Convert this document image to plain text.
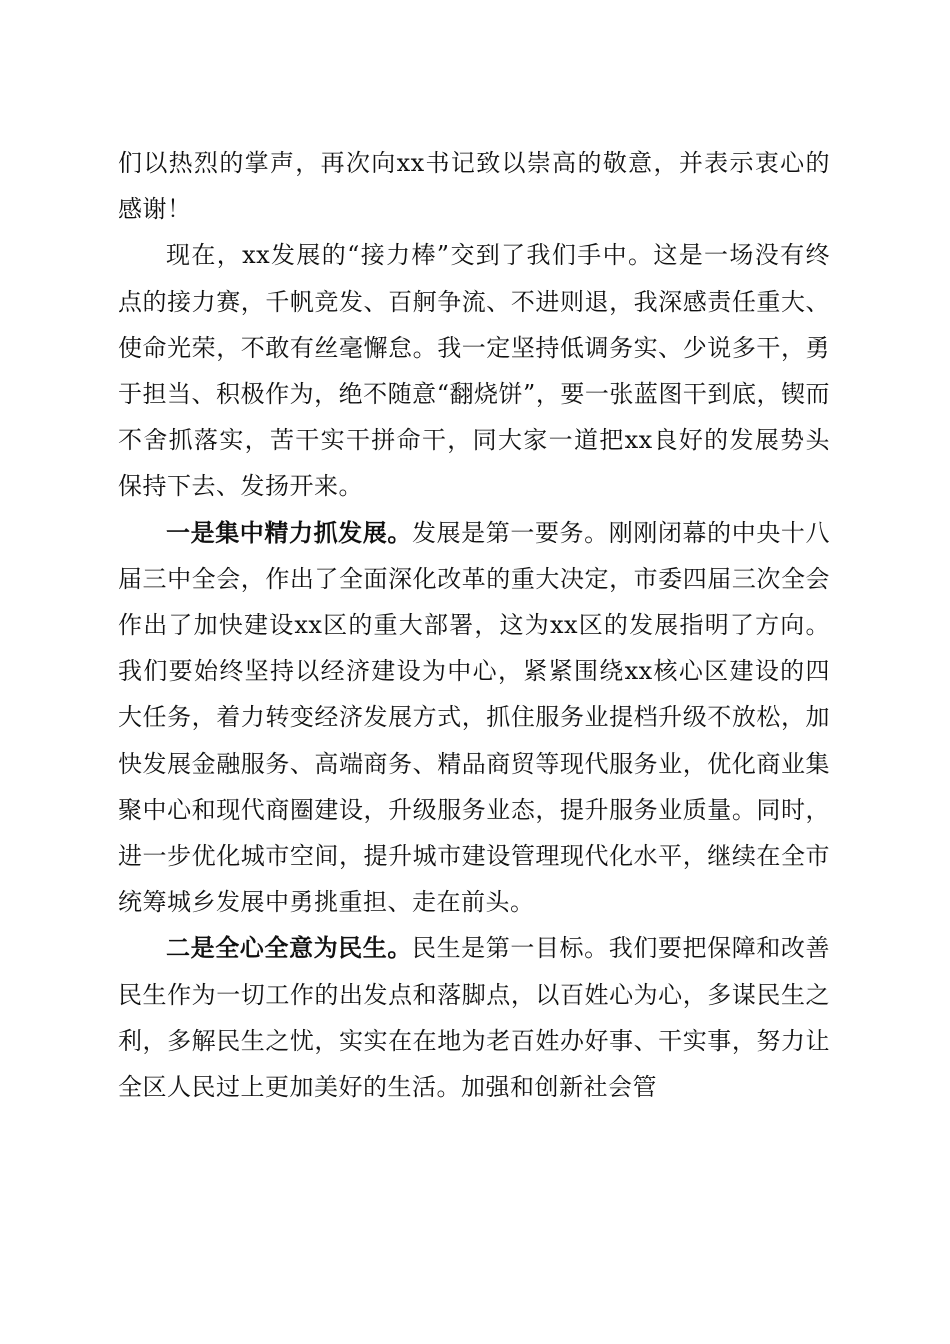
们以热烈的掌声，再次向xx书记致以崇高的敬意，并表示衷心的感谢！

现在，xx发展的“接力棒”交到了我们手中。这是一场没有终点的接力赛，千帆竞发、百舸争流、不进则退，我深感责任重大、使命光荣，不敢有丝毫懈怠。我一定坚持低调务实、少说多干，勇于担当、积极作为，绝不随意“翻烧饼”，要一张蓝图干到底，锲而不舍抓落实，苦干实干拼命干，同大家一道把xx良好的发展势头保持下去、发扬开来。

一是集中精力抓发展。发展是第一要务。刚刚闭幕的中央十八届三中全会，作出了全面深化改革的重大决定，市委四届三次全会作出了加快建设xx区的重大部署，这为xx区的发展指明了方向。我们要始终坚持以经济建设为中心，紧紧围绕xx核心区建设的四大任务，着力转变经济发展方式，抓住服务业提档升级不放松，加快发展金融服务、高端商务、精品商贸等现代服务业，优化商业集聚中心和现代商圈建设，升级服务业态，提升服务业质量。同时，进一步优化城市空间，提升城市建设管理现代化水平，继续在全市统筹城乡发展中勇挑重担、走在前头。

二是全心全意为民生。民生是第一目标。我们要把保障和改善民生作为一切工作的出发点和落脚点，以百姓心为心，多谋民生之利，多解民生之忧，实实在在地为老百姓办好事、干实事，努力让全区人民过上更加美好的生活。加强和创新社会管
